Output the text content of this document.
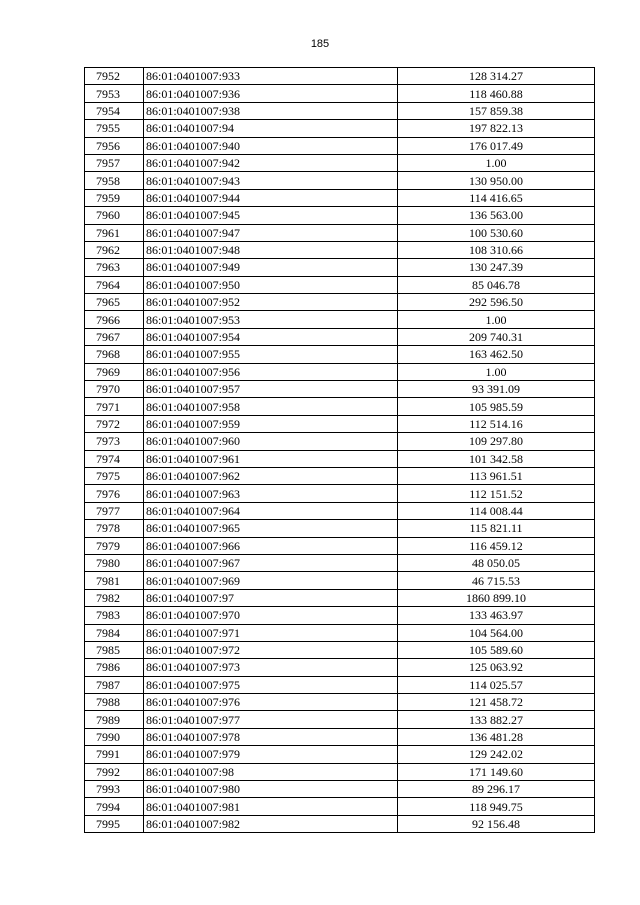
185
7952	86:01:0401007:933	128 314.27
7953	86:01:0401007:936	118 460.88
7954	86:01:0401007:938	157 859.38
7955	86:01:0401007:94	197 822.13
7956	86:01:0401007:940	176 017.49
7957	86:01:0401007:942	1.00
7958	86:01:0401007:943	130 950.00
7959	86:01:0401007:944	114 416.65
7960	86:01:0401007:945	136 563.00
7961	86:01:0401007:947	100 530.60
7962	86:01:0401007:948	108 310.66
7963	86:01:0401007:949	130 247.39
7964	86:01:0401007:950	85 046.78
7965	86:01:0401007:952	292 596.50
7966	86:01:0401007:953	1.00
7967	86:01:0401007:954	209 740.31
7968	86:01:0401007:955	163 462.50
7969	86:01:0401007:956	1.00
7970	86:01:0401007:957	93 391.09
7971	86:01:0401007:958	105 985.59
7972	86:01:0401007:959	112 514.16
7973	86:01:0401007:960	109 297.80
7974	86:01:0401007:961	101 342.58
7975	86:01:0401007:962	113 961.51
7976	86:01:0401007:963	112 151.52
7977	86:01:0401007:964	114 008.44
7978	86:01:0401007:965	115 821.11
7979	86:01:0401007:966	116 459.12
7980	86:01:0401007:967	48 050.05
7981	86:01:0401007:969	46 715.53
7982	86:01:0401007:97	1860 899.10
7983	86:01:0401007:970	133 463.97
7984	86:01:0401007:971	104 564.00
7985	86:01:0401007:972	105 589.60
7986	86:01:0401007:973	125 063.92
7987	86:01:0401007:975	114 025.57
7988	86:01:0401007:976	121 458.72
7989	86:01:0401007:977	133 882.27
7990	86:01:0401007:978	136 481.28
7991	86:01:0401007:979	129 242.02
7992	86:01:0401007:98	171 149.60
7993	86:01:0401007:980	89 296.17
7994	86:01:0401007:981	118 949.75
7995	86:01:0401007:982	92 156.48
